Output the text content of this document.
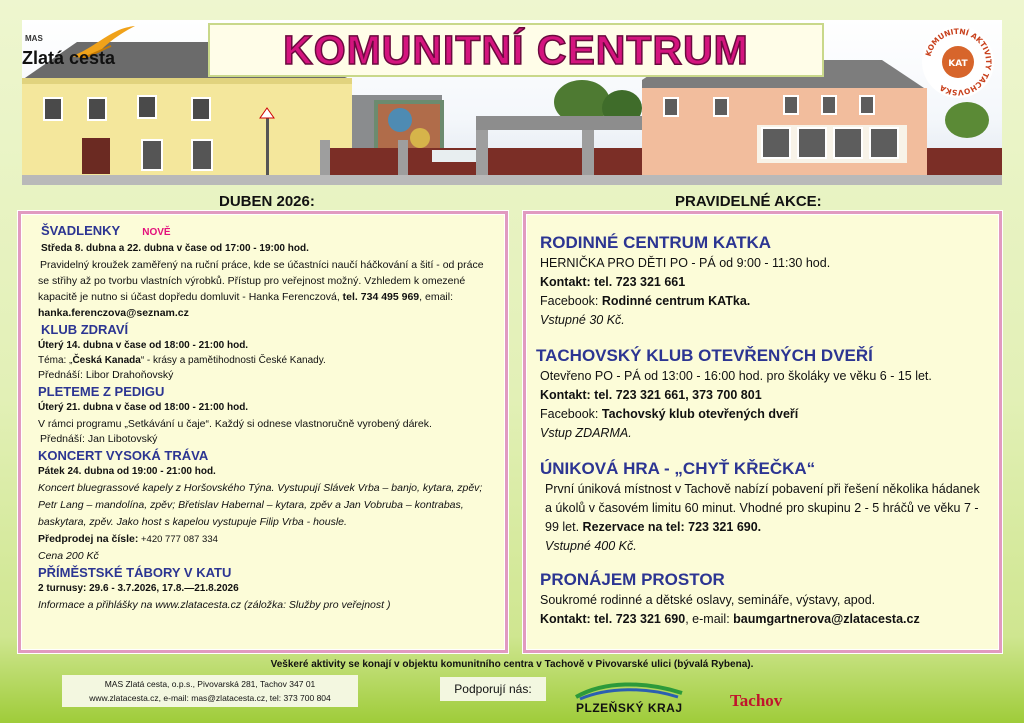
MAS
Zlatá cesta	KOMUNITNÍ CENTRUM	KOMUNITNÍ AKTIVITY TACHOVSKA
KAT
DUBEN 2026:	PRAVIDELNÉ AKCE:
ŠVADLENKY NOVĚ

Středa 8. dubna a 22. dubna v čase od 17:00 - 19:00 hod.

Pravidelný kroužek zaměřený na ruční práce, kde se účastníci naučí háčkování a šití - od práce se střihy až po tvorbu vlastních výrobků. Přístup pro veřejnost možný. Vzhledem k omezené kapacitě je nutno si účast dopředu domluvit - Hanka Ferenczová, tel. 734 495 969, email: hanka.ferenczova@seznam.cz

KLUB ZDRAVÍ

Úterý 14. dubna v čase od 18:00 - 21:00 hod.

Téma: „Česká Kanada“ - krásy a pamětihodnosti České Kanady.

Přednáší: Libor Drahoňovský

PLETEME Z PEDIGU

Úterý 21. dubna v čase od 18:00 - 21:00 hod.

V rámci programu „Setkávání u čaje“. Každý si odnese vlastnoručně vyrobený dárek.

Přednáší: Jan Libotovský

KONCERT VYSOKÁ TRÁVA

Pátek 24. dubna od 19:00 - 21:00 hod.

Koncert bluegrassové kapely z Horšovského Týna. Vystupují Slávek Vrba – banjo, kytara, zpěv; Petr Lang – mandolína, zpěv; Břetislav Habernal – kytara, zpěv a Jan Vobruba – kontrabas, baskytara, zpěv. Jako host s kapelou vystupuje Filip Vrba - housle.

Předprodej na čísle: +420 777 087 334

Cena 200 Kč

PŘÍMĚSTSKÉ TÁBORY V KATU

2 turnusy: 29.6 - 3.7.2026, 17.8.—21.8.2026

Informace a přihlášky na www.zlatacesta.cz (záložka: Služby pro veřejnost )

RODINNÉ CENTRUM KATKA

HERNIČKA PRO DĚTI PO - PÁ od 9:00 - 11:30 hod.

Kontakt: tel. 723 321 661

Facebook: Rodinné centrum KATka.

Vstupné 30 Kč.

TACHOVSKÝ KLUB OTEVŘENÝCH DVEŘÍ

Otevřeno PO - PÁ od 13:00 - 16:00 hod. pro školáky ve věku 6 - 15 let.

Kontakt: tel. 723 321 661, 373 700 801

Facebook: Tachovský klub otevřených dveří

Vstup ZDARMA.

ÚNIKOVÁ HRA - „CHYŤ KŘEČKA“

První úniková místnost v Tachově nabízí pobavení při řešení několika hádanek a úkolů v časovém limitu 60 minut. Vhodné pro skupinu 2 - 5 hráčů ve věku 7 - 99 let. Rezervace na tel: 723 321 690.

Vstupné 400 Kč.

PRONÁJEM PROSTOR

Soukromé rodinné a dětské oslavy, semináře, výstavy, apod.

Kontakt: tel. 723 321 690, e-mail: baumgartnerova@zlatacesta.cz

Veškeré aktivity se konají v objektu komunitního centra v Tachově v Pivovarské ulici (bývalá Rybena).
MAS Zlatá cesta, o.p.s., Pivovarská 281, Tachov 347 01
www.zlatacesta.cz, e-mail: mas@zlatacesta.cz, tel: 373 700 804
Podporují nás:
PLZEŇSKÝ KRAJ	Tachov
